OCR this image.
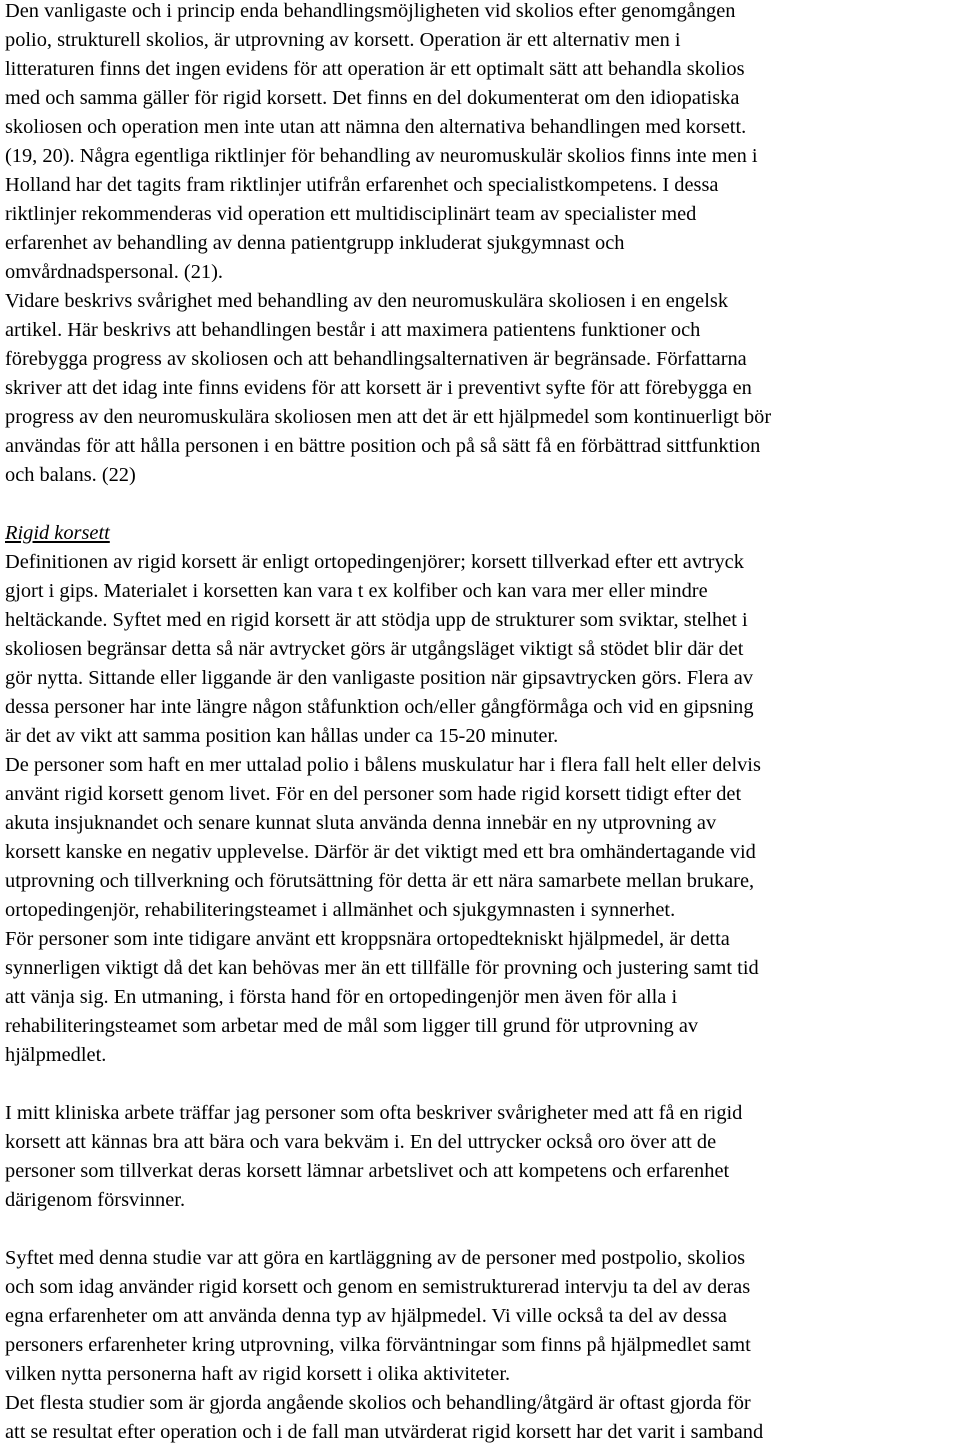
Den vanligaste och i princip enda behandlingsmöjligheten vid skolios efter genomgången
polio, strukturell skolios, är utprovning av korsett. Operation är ett alternativ men i
litteraturen finns det ingen evidens för att operation är ett optimalt sätt att behandla skolios
med och samma gäller för rigid korsett. Det finns en del dokumenterat om den idiopatiska
skoliosen och operation men inte utan att nämna den alternativa behandlingen med korsett.
(19, 20). Några egentliga riktlinjer för behandling av neuromuskulär skolios finns inte men i
Holland har det tagits fram riktlinjer utifrån erfarenhet och specialistkompetens. I dessa
riktlinjer rekommenderas vid operation ett multidisciplinärt team av specialister med
erfarenhet av behandling av denna patientgrupp inkluderat sjukgymnast och
omvårdnadspersonal. (21).

Vidare beskrivs svårighet med behandling av den neuromuskulära skoliosen i en engelsk
artikel. Här beskrivs att behandlingen består i att maximera patientens funktioner och
förebygga progress av skoliosen och att behandlingsalternativen är begränsade. Författarna
skriver att det idag inte finns evidens för att korsett är i preventivt syfte för att förebygga en
progress av den neuromuskulära skoliosen men att det är ett hjälpmedel som kontinuerligt bör
användas för att hålla personen i en bättre position och på så sätt få en förbättrad sittfunktion
och balans. (22)

Rigid korsett

Definitionen av rigid korsett är enligt ortopedingenjörer; korsett tillverkad efter ett avtryck
gjort i gips. Materialet i korsetten kan vara t ex kolfiber och kan vara mer eller mindre
heltäckande. Syftet med en rigid korsett är att stödja upp de strukturer som sviktar, stelhet i
skoliosen begränsar detta så när avtrycket görs är utgångsläget viktigt så stödet blir där det
gör nytta. Sittande eller liggande är den vanligaste position när gipsavtrycken görs. Flera av
dessa personer har inte längre någon ståfunktion och/eller gångförmåga och vid en gipsning
är det av vikt att samma position kan hållas under ca 15-20 minuter.

De personer som haft en mer uttalad polio i bålens muskulatur har i flera fall helt eller delvis
använt rigid korsett genom livet. För en del personer som hade rigid korsett tidigt efter det
akuta insjuknandet och senare kunnat sluta använda denna innebär en ny utprovning av
korsett kanske en negativ upplevelse. Därför är det viktigt med ett bra omhändertagande vid
utprovning och tillverkning och förutsättning för detta är ett nära samarbete mellan brukare,
ortopedingenjör, rehabiliteringsteamet i allmänhet och sjukgymnasten i synnerhet.

För personer som inte tidigare använt ett kroppsnära ortopedtekniskt hjälpmedel, är detta
synnerligen viktigt då det kan behövas mer än ett tillfälle för provning och justering samt tid
att vänja sig. En utmaning, i första hand för en ortopedingenjör men även för alla i
rehabiliteringsteamet som arbetar med de mål som ligger till grund för utprovning av
hjälpmedlet.

I mitt kliniska arbete träffar jag personer som ofta beskriver svårigheter med att få en rigid
korsett att kännas bra att bära och vara bekväm i. En del uttrycker också oro över att de
personer som tillverkat deras korsett lämnar arbetslivet och att kompetens och erfarenhet
därigenom försvinner.

Syftet med denna studie var att göra en kartläggning av de personer med postpolio, skolios
och som idag använder rigid korsett och genom en semistrukturerad intervju ta del av deras
egna erfarenheter om att använda denna typ av hjälpmedel. Vi ville också ta del av dessa
personers erfarenheter kring utprovning, vilka förväntningar som finns på hjälpmedlet samt
vilken nytta personerna haft av rigid korsett i olika aktiviteter.

Det flesta studier som är gjorda angående skolios och behandling/åtgärd är oftast gjorda för
att se resultat efter operation och i de fall man utvärderat rigid korsett har det varit i samband
